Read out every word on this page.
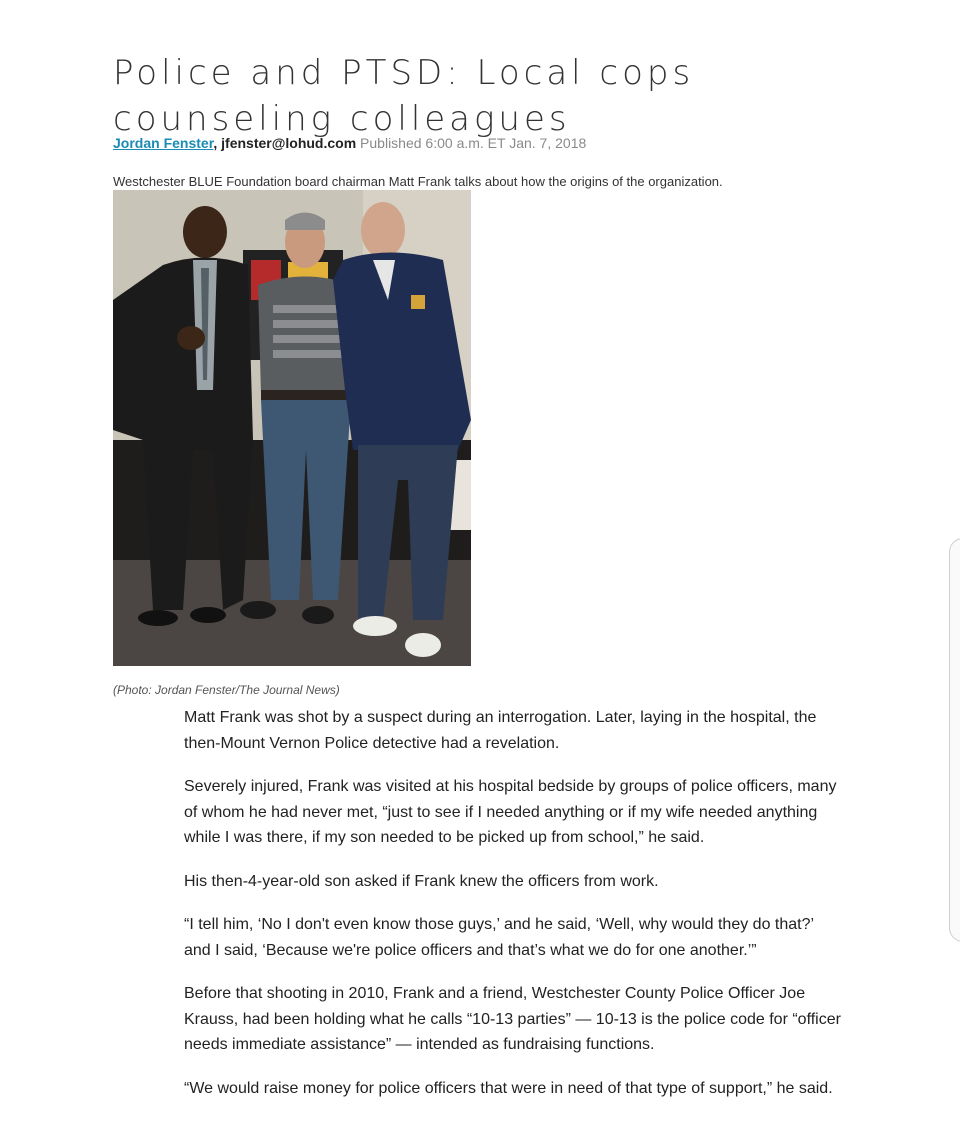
Police and PTSD: Local cops counseling colleagues
Jordan Fenster, jfenster@lohud.com Published 6:00 a.m. ET Jan. 7, 2018
Westchester BLUE Foundation board chairman Matt Frank talks about how the origins of the organization.
(Photo: Jordan Fenster/The Journal News)

Matt Frank was shot by a suspect during an interrogation. Later, laying in the hospital, the then-Mount Vernon Police detective had a revelation.

Severely injured, Frank was visited at his hospital bedside by groups of police officers, many of whom he had never met, “just to see if I needed anything or if my wife needed anything while I was there, if my son needed to be picked up from school,” he said.

His then-4-year-old son asked if Frank knew the officers from work.

“I tell him, ‘No I don't even know those guys,’ and he said, ‘Well, why would they do that?’ and I said, ‘Because we're police officers and that’s what we do for one another.’”

Before that shooting in 2010, Frank and a friend, Westchester County Police Officer Joe Krauss, had been holding what he calls “10-13 parties” — 10-13 is the police code for “officer needs immediate assistance” — intended as fundraising functions.

“We would raise money for police officers that were in need of that type of support,” he said.
